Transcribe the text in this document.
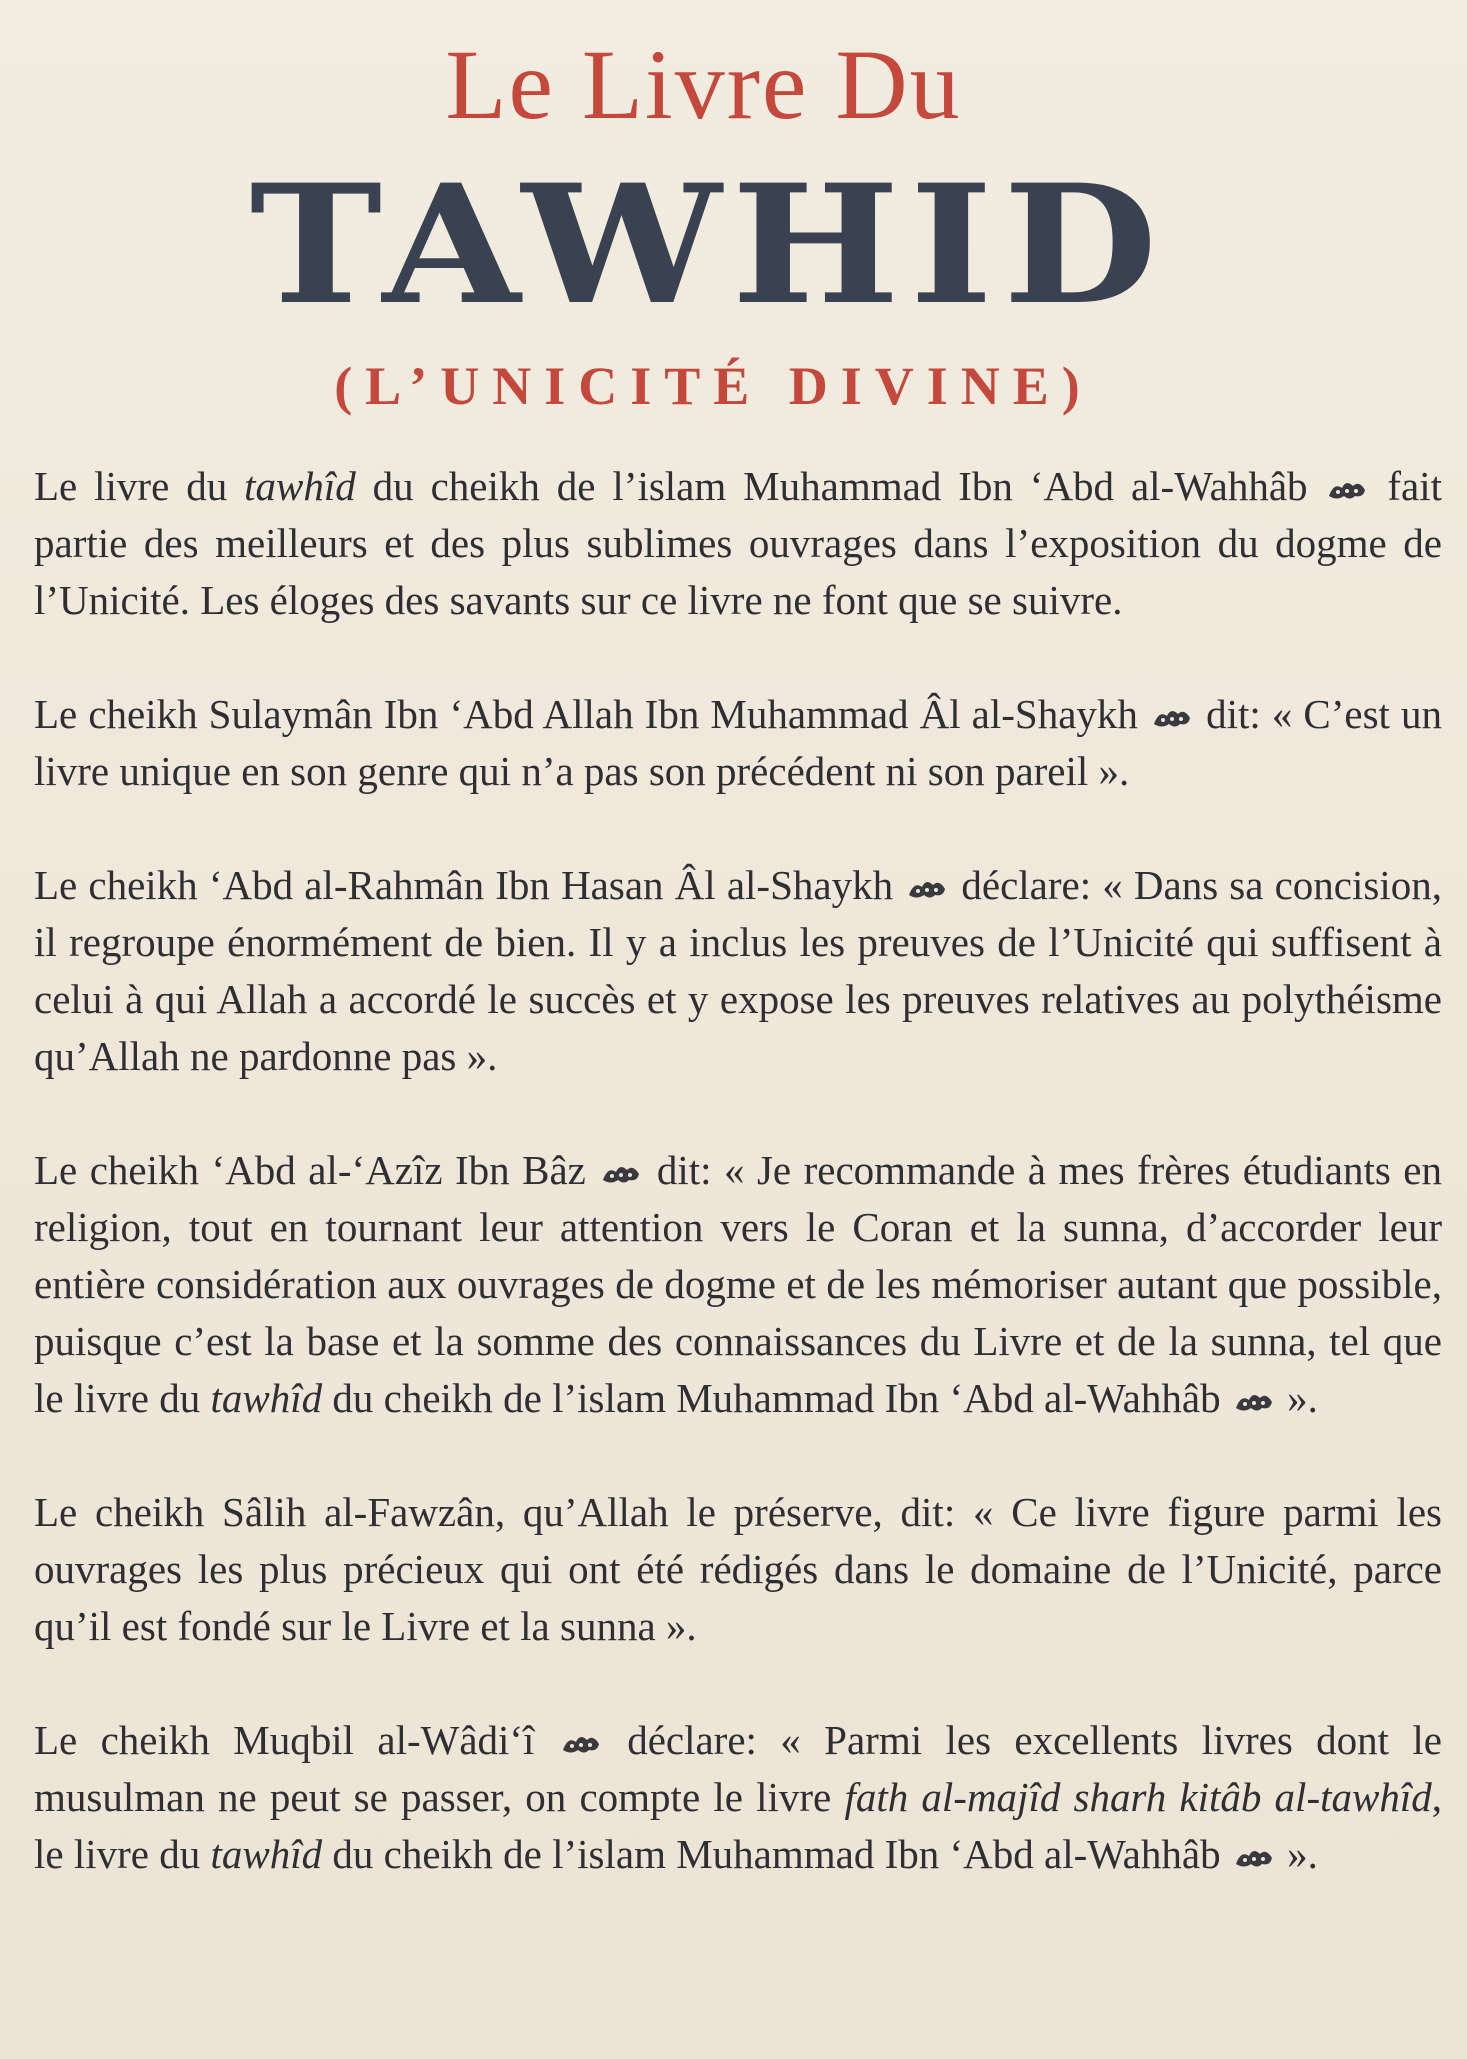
Le Livre Du
TAWHID
(L’UNICITÉ DIVINE)

Le livre du tawhîd du cheikh de l’islam Muhammad Ibn ‘Abd al-Wahhâb  fait partie des meilleurs et des plus sublimes ouvrages dans l’exposition du dogme de l’Unicité. Les éloges des savants sur ce livre ne font que se suivre.

Le cheikh Sulaymân Ibn ‘Abd Allah Ibn Muhammad Âl al-Shaykh  dit: « C’est un livre unique en son genre qui n’a pas son précédent ni son pareil ».

Le cheikh ‘Abd al-Rahmân Ibn Hasan Âl al-Shaykh  déclare: « Dans sa concision, il regroupe énormément de bien. Il y a inclus les preuves de l’Unicité qui suffisent à celui à qui Allah a accordé le succès et y expose les preuves relatives au polythéisme qu’Allah ne pardonne pas ».

Le cheikh ‘Abd al-‘Azîz Ibn Bâz  dit: « Je recommande à mes frères étudiants en religion, tout en tournant leur attention vers le Coran et la sunna, d’accorder leur entière considération aux ouvrages de dogme et de les mémoriser autant que possible, puisque c’est la base et la somme des connaissances du Livre et de la sunna, tel que le livre du tawhîd du cheikh de l’islam Muhammad Ibn ‘Abd al-Wahhâb  ».

Le cheikh Sâlih al-Fawzân, qu’Allah le préserve, dit: « Ce livre figure parmi les ouvrages les plus précieux qui ont été rédigés dans le domaine de l’Unicité, parce qu’il est fondé sur le Livre et la sunna ».

Le cheikh Muqbil al-Wâdi‘î  déclare: « Parmi les excellents livres dont le musulman ne peut se passer, on compte le livre fath al-majîd sharh kitâb al-tawhîd, le livre du tawhîd du cheikh de l’islam Muhammad Ibn ‘Abd al-Wahhâb  ».
